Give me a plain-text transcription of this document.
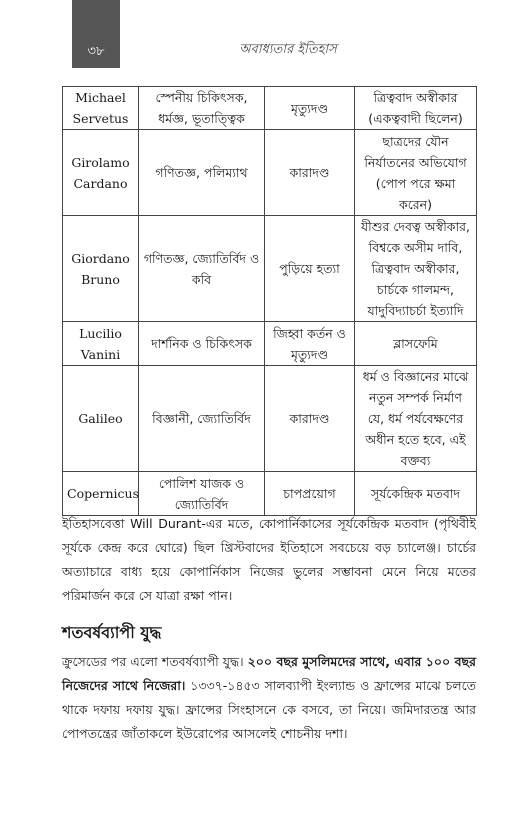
৩৮	অবাধ্যতার ইতিহাস
Michael Servetus	স্পেনীয় চিকিৎসক, ধর্মজ্ঞ, ভূতাত্ত্বিক	মৃত্যুদণ্ড	ত্রিত্ববাদ অস্বীকার (একত্ববাদী ছিলেন)
Girolamo Cardano	গণিতজ্ঞ, পলিম্যাথ	কারাদণ্ড	ছাত্রদের যৌন নির্যাতনের অভিযোগ (পোপ পরে ক্ষমা করেন)
Giordano Bruno	গণিতজ্ঞ, জ্যোতির্বিদ ও কবি	পুড়িয়ে হত্যা	যীশুর দেবত্ব অস্বীকার, বিশ্বকে অসীম দাবি, ত্রিত্ববাদ অস্বীকার, চার্চকে গালমন্দ, যাদুবিদ্যাচর্চা ইত্যাদি
Lucilio Vanini	দার্শনিক ও চিকিৎসক	জিহ্বা কর্তন ও মৃত্যুদণ্ড	ব্লাসফেমি
Galileo	বিজ্ঞানী, জ্যোতির্বিদ	কারাদণ্ড	ধর্ম ও বিজ্ঞানের মাঝে নতুন সম্পর্ক নির্মাণ যে, ধর্ম পর্যবেক্ষণের অধীন হতে হবে, এই বক্তব্য
Copernicus	পোলিশ যাজক ও জ্যোতির্বিদ	চাপপ্রয়োগ	সূর্যকেন্দ্রিক মতবাদ

ইতিহাসবেত্তা Will Durant-এর মতে, কোপার্নিকাসের সূর্যকেন্দ্রিক মতবাদ (পৃথিবীই সূর্যকে কেন্দ্র করে ঘোরে) ছিল খ্রিস্টবাদের ইতিহাসে সবচেয়ে বড় চ্যালেঞ্জ। চার্চের অত্যাচারে বাধ্য হয়ে কোপার্নিকাস নিজের ভুলের সম্ভাবনা মেনে নিয়ে মতের পরিমার্জন করে সে যাত্রা রক্ষা পান।

শতবর্ষব্যাপী যুদ্ধ

ক্রুসেডের পর এলো শতবর্ষব্যাপী যুদ্ধ। ২০০ বছর মুসলিমদের সাথে, এবার ১০০ বছর নিজেদের সাথে নিজেরা। ১৩৩৭-১৪৫৩ সালব্যাপী ইংল্যান্ড ও ফ্রান্সের মাঝে চলতে থাকে দফায় দফায় যুদ্ধ। ফ্রান্সের সিংহাসনে কে বসবে, তা নিয়ে। জমিদারতন্ত্র আর পোপতন্ত্রের জাঁতাকলে ইউরোপের আসলেই শোচনীয় দশা।
